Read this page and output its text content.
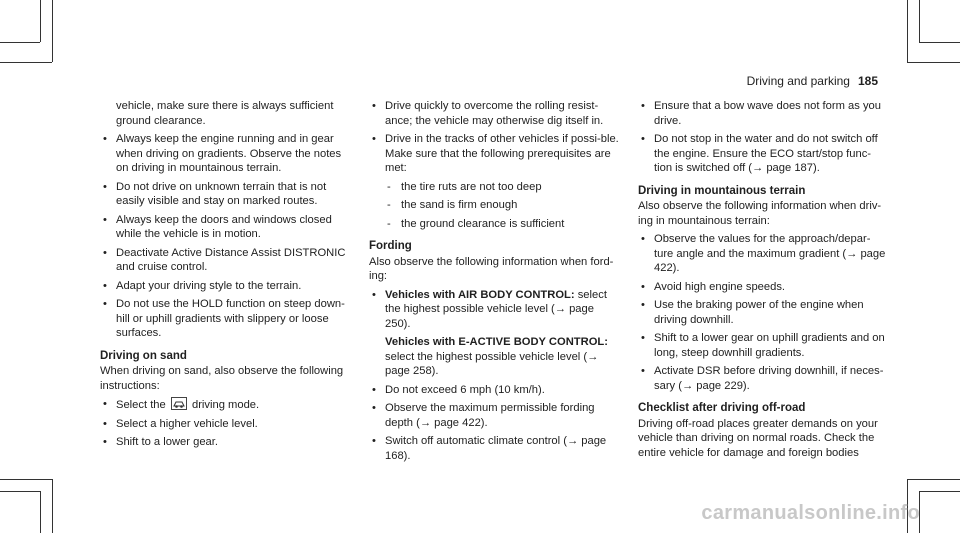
Driving and parking 185

vehicle, make sure there is always sufficient ground clearance.

• Always keep the engine running and in gear when driving on gradients. Observe the notes on driving in mountainous terrain.
• Do not drive on unknown terrain that is not easily visible and stay on marked routes.
• Always keep the doors and windows closed while the vehicle is in motion.
• Deactivate Active Distance Assist DISTRONIC and cruise control.
• Adapt your driving style to the terrain.
• Do not use the HOLD function on steep down-hill or uphill gradients with slippery or loose surfaces.
Driving on sand

When driving on sand, also observe the following instructions:

• Select the driving mode.
• Select a higher vehicle level.
• Shift to a lower gear.
• Drive quickly to overcome the rolling resist-ance; the vehicle may otherwise dig itself in.
• Drive in the tracks of other vehicles if possi-ble. Make sure that the following prerequisites are met:
- the tire ruts are not too deep
- the sand is firm enough
- the ground clearance is sufficient
Fording

Also observe the following information when ford-ing:

• Vehicles with AIR BODY CONTROL: select the highest possible vehicle level (→ page 250).
Vehicles with E-ACTIVE BODY CONTROL:
select the highest possible vehicle level (→ page 258).
• Do not exceed 6 mph (10 km/h).
• Observe the maximum permissible fording depth (→ page 422).
• Switch off automatic climate control (→ page 168).
• Ensure that a bow wave does not form as you drive.
• Do not stop in the water and do not switch off the engine. Ensure the ECO start/stop func-tion is switched off (→ page 187).
Driving in mountainous terrain

Also observe the following information when driv-ing in mountainous terrain:

• Observe the values for the approach/depar-ture angle and the maximum gradient (→ page 422).
• Avoid high engine speeds.
• Use the braking power of the engine when driving downhill.
• Shift to a lower gear on uphill gradients and on long, steep downhill gradients.
• Activate DSR before driving downhill, if neces-sary (→ page 229).
Checklist after driving off-road

Driving off-road places greater demands on your vehicle than driving on normal roads. Check the entire vehicle for damage and foreign bodies

carmanualsonline.info
